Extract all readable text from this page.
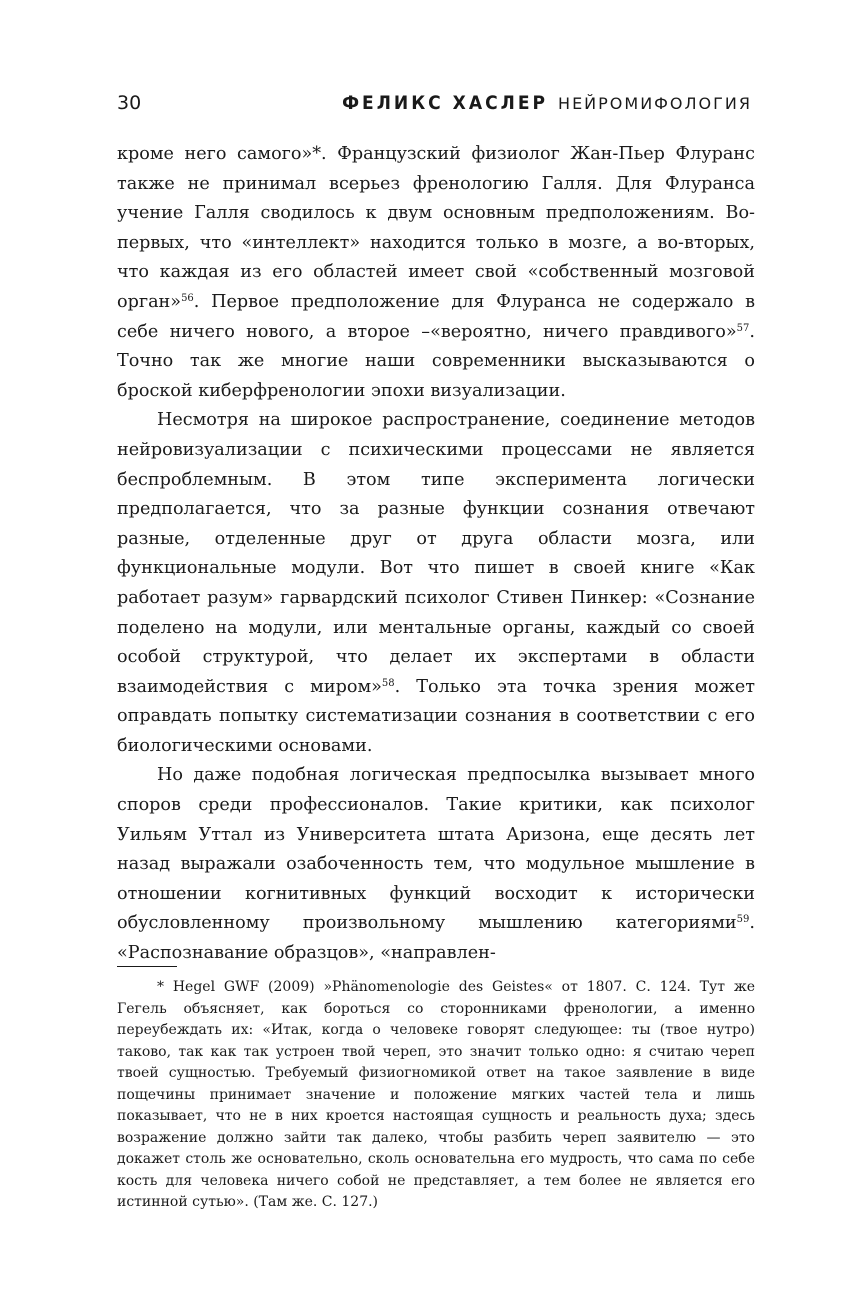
30	ФЕЛИКС ХАСЛЕР НЕЙРОМИФОЛОГИЯ

кроме него самого»*. Французский физиолог Жан-Пьер Флуранс также не принимал всерьез френологию Галля. Для Флуранса учение Галля сводилось к двум основным предположениям. Во-первых, что «интеллект» находится только в мозге, а во-вторых, что каждая из его областей имеет свой «собственный мозговой орган»$^{56}$. Первое предположение для Флуранса не содержало в себе ничего нового, а второе –«вероятно, ничего правдивого»$^{57}$. Точно так же многие наши современники высказываются о броской киберфренологии эпохи визуализации.

Несмотря на широкое распространение, соединение методов нейровизуализации с психическими процессами не является беспроблемным. В этом типе эксперимента логически предполагается, что за разные функции сознания отвечают разные, отделенные друг от друга области мозга, или функциональные модули. Вот что пишет в своей книге «Как работает разум» гарвардский психолог Стивен Пинкер: «Сознание поделено на модули, или ментальные органы, каждый со своей особой структурой, что делает их экспертами в области взаимодействия с миром»$^{58}$. Только эта точка зрения может оправдать попытку систематизации сознания в соответствии с его биологическими основами.

Но даже подобная логическая предпосылка вызывает много споров среди профессионалов. Такие критики, как психолог Уильям Уттал из Университета штата Аризона, еще десять лет назад выражали озабоченность тем, что модульное мышление в отношении когнитивных функций восходит к исторически обусловленному произвольному мышлению категориями$^{59}$. «Распознавание образцов», «направлен-

* Hegel GWF (2009) »Phänomenologie des Geistes« от 1807. С. 124. Тут же Гегель объясняет, как бороться со сторонниками френологии, а именно переубеждать их: «Итак, когда о человеке говорят следующее: ты (твое нутро) таково, так как так устроен твой череп, это значит только одно: я считаю череп твоей сущностью. Требуемый физиогномикой ответ на такое заявление в виде пощечины принимает значение и положение мягких частей тела и лишь показывает, что не в них кроется настоящая сущность и реальность духа; здесь возражение должно зайти так далеко, чтобы разбить череп заявителю — это докажет столь же основательно, сколь основательна его мудрость, что сама по себе кость для человека ничего собой не представляет, а тем более не является его истинной сутью». (Там же. С. 127.)
